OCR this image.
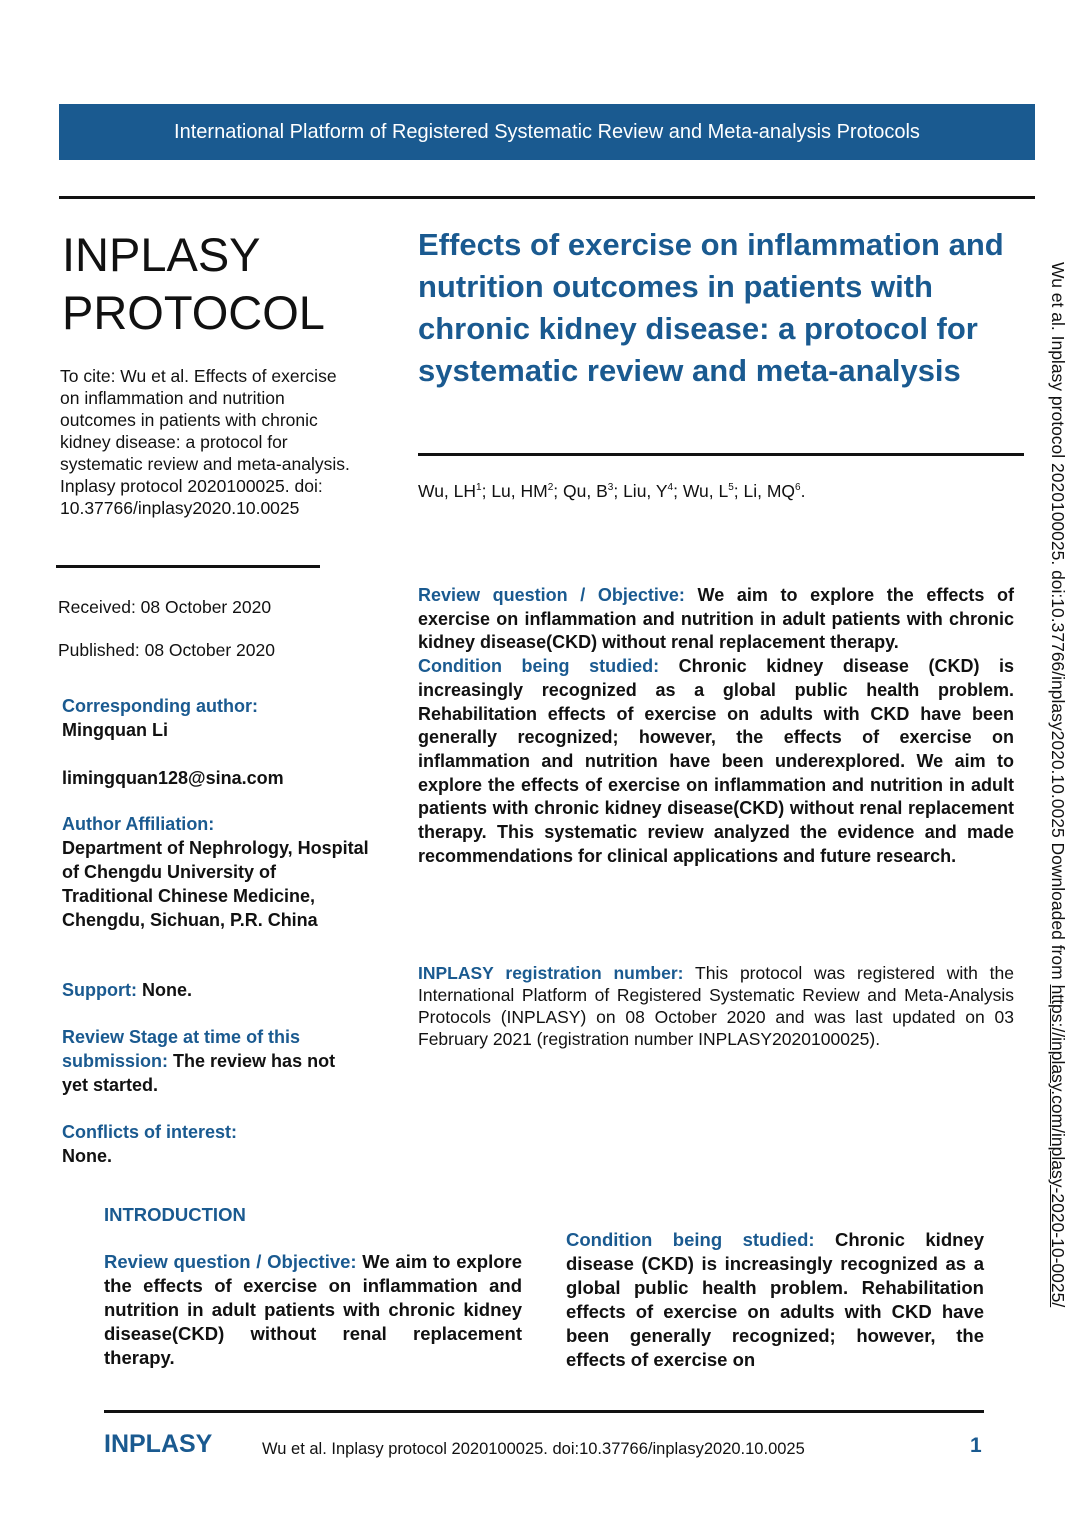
International Platform of Registered Systematic Review and Meta-analysis Protocols
INPLASY
PROTOCOL

To cite: Wu et al. Effects of exercise on inflammation and nutrition outcomes in patients with chronic kidney disease: a protocol for systematic review and meta-analysis. Inplasy protocol 2020100025. doi: 10.37766/inplasy2020.10.0025

Received: 08 October 2020
Published: 08 October 2020
Corresponding author:
Mingquan Li
limingquan128@sina.com
Author Affiliation:
Department of Nephrology, Hospital of Chengdu University of Traditional Chinese Medicine, Chengdu, Sichuan, P.R. China
Support: None.
Review Stage at time of this submission: The review has not yet started.
Conflicts of interest:
None.
Effects of exercise on inflammation and nutrition outcomes in patients with chronic kidney disease: a protocol for systematic review and meta-analysis
Wu, $LH^1$; Lu, $HM^2$; Qu, $B^3$; Liu, $Y^4$; Wu, $L^5$; Li, $MQ^6$.
Review question / Objective: We aim to explore the effects of exercise on inflammation and nutrition in adult patients with chronic kidney disease(CKD) without renal replacement therapy.
Condition being studied: Chronic kidney disease (CKD) is increasingly recognized as a global public health problem. Rehabilitation effects of exercise on adults with CKD have been generally recognized; however, the effects of exercise on inflammation and nutrition have been underexplored. We aim to explore the effects of exercise on inflammation and nutrition in adult patients with chronic kidney disease(CKD) without renal replacement therapy. This systematic review analyzed the evidence and made recommendations for clinical applications and future research.
INPLASY registration number: This protocol was registered with the International Platform of Registered Systematic Review and Meta-Analysis Protocols (INPLASY) on 08 October 2020 and was last updated on 03 February 2021 (registration number INPLASY2020100025).
INTRODUCTION
Review question / Objective: We aim to explore the effects of exercise on inflammation and nutrition in adult patients with chronic kidney disease(CKD) without renal replacement therapy.
Condition being studied: Chronic kidney disease (CKD) is increasingly recognized as a global public health problem. Rehabilitation effects of exercise on adults with CKD have been generally recognized; however, the effects of exercise on
Wu et al. Inplasy protocol 2020100025. doi:10.37766/inplasy2020.10.0025 Downloaded from https://inplasy.com/inplasy-2020-10-0025/
INPLASY	Wu et al. Inplasy protocol 2020100025. doi:10.37766/inplasy2020.10.0025	1
